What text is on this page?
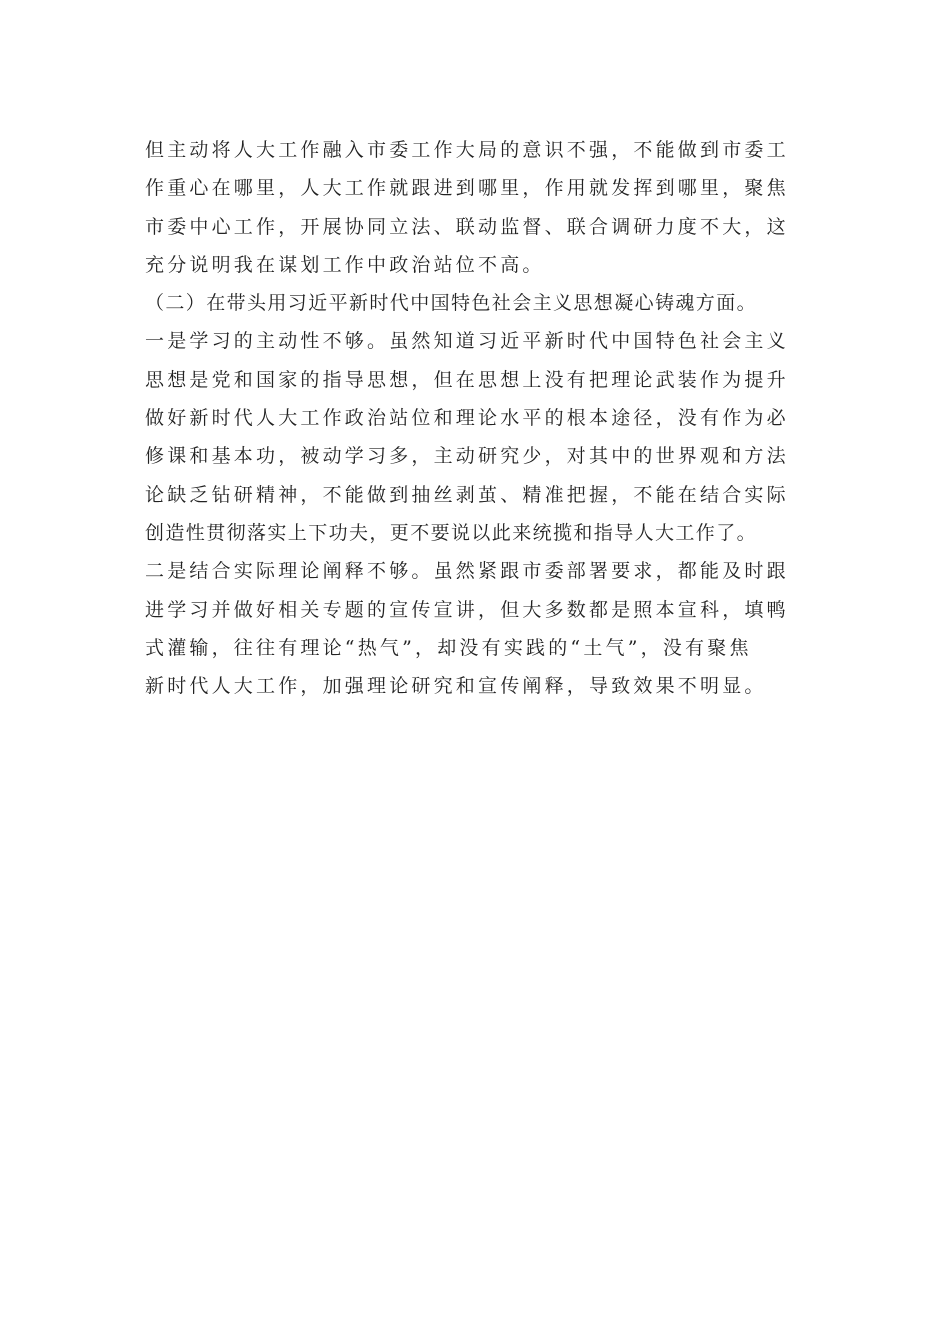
但主动将人大工作融入市委工作大局的意识不强，不能做到市委工
作重心在哪里，人大工作就跟进到哪里，作用就发挥到哪里，聚焦
市委中心工作，开展协同立法、联动监督、联合调研力度不大，这
充分说明我在谋划工作中政治站位不高。
（二）在带头用习近平新时代中国特色社会主义思想凝心铸魂方面。
一是学习的主动性不够。虽然知道习近平新时代中国特色社会主义
思想是党和国家的指导思想，但在思想上没有把理论武装作为提升
做好新时代人大工作政治站位和理论水平的根本途径，没有作为必
修课和基本功，被动学习多，主动研究少，对其中的世界观和方法
论缺乏钻研精神，不能做到抽丝剥茧、精准把握，不能在结合实际
创造性贯彻落实上下功夫，更不要说以此来统揽和指导人大工作了。
二是结合实际理论阐释不够。虽然紧跟市委部署要求，都能及时跟
进学习并做好相关专题的宣传宣讲，但大多数都是照本宣科，填鸭
式灌输，往往有理论“热气”，却没有实践的“土气”，没有聚焦
新时代人大工作，加强理论研究和宣传阐释，导致效果不明显。
